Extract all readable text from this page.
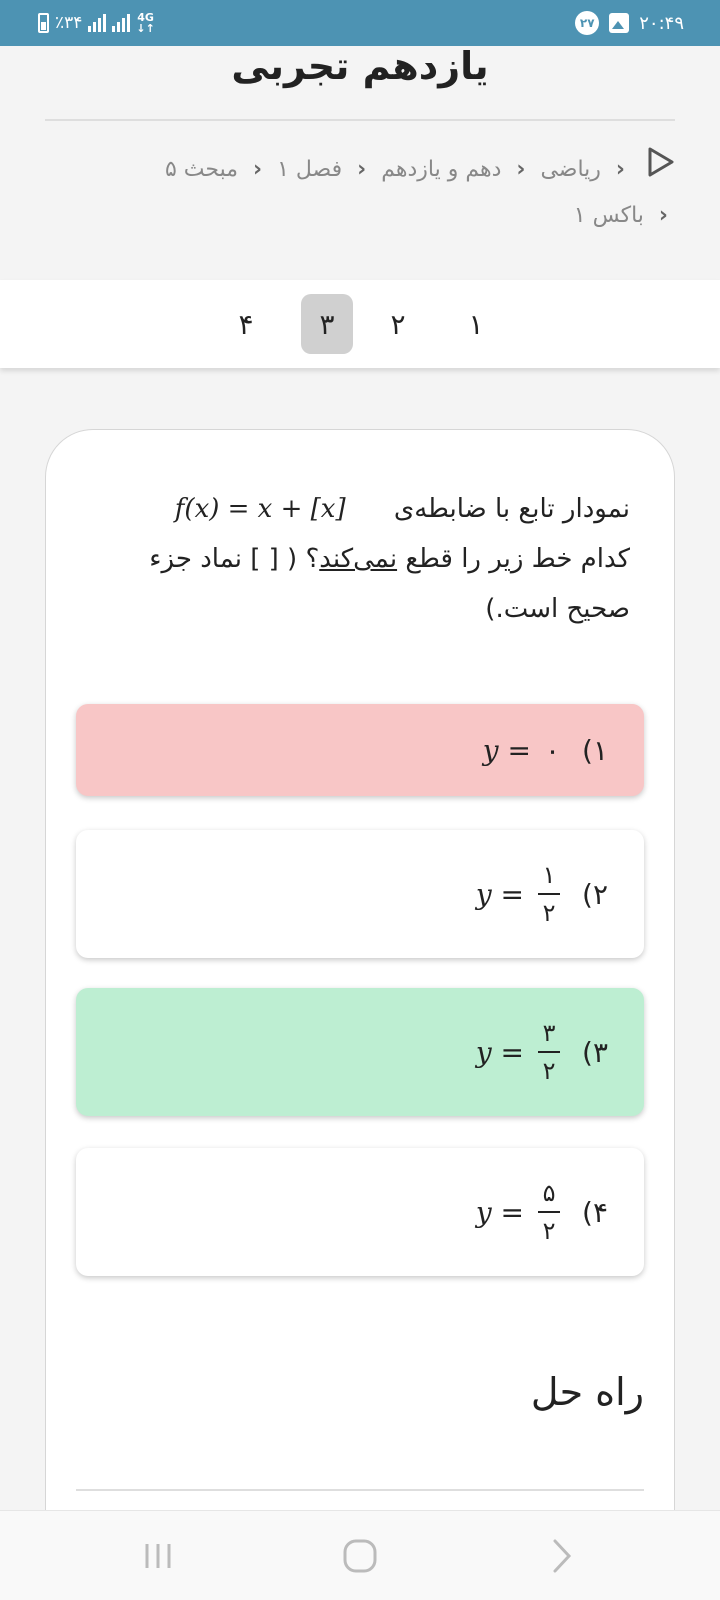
٪۳۴	4G
↓↑	۲۷ ۲۰:۴۹
یازدهم تجربی
‹ ریاضی ‹ دهم و یازدهم ‹ فصل ۱ ‹ مبحث ۵
‹ باکس ۱
۱
۲
۳
۴
نمودار تابع با ضابطه‌ی f(x) = x + [x]
کدام خط زیر را قطع نمی‌کند؟ ( [ ] نماد جزء صحیح است.)
۱)
y = ۰
۲)
$y = \frac{۱}{۲}$
۳)
$y = \frac{۳}{۲}$
۴)
$y = \frac{۵}{۲}$
راه حل
